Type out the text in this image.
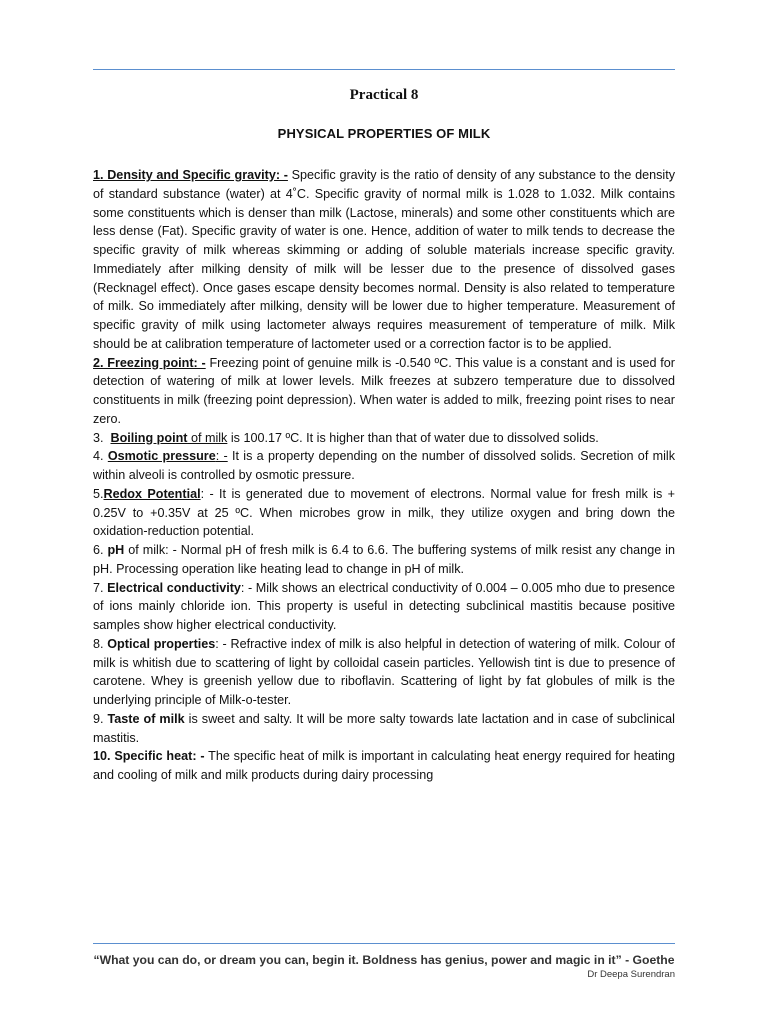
Practical 8
PHYSICAL PROPERTIES OF MILK

1. Density and Specific gravity: - Specific gravity is the ratio of density of any substance to the density of standard substance (water) at 4˚C. Specific gravity of normal milk is 1.028 to 1.032. Milk contains some constituents which is denser than milk (Lactose, minerals) and some other constituents which are less dense (Fat). Specific gravity of water is one. Hence, addition of water to milk tends to decrease the specific gravity of milk whereas skimming or adding of soluble materials increase specific gravity. Immediately after milking density of milk will be lesser due to the presence of dissolved gases (Recknagel effect). Once gases escape density becomes normal. Density is also related to temperature of milk. So immediately after milking, density will be lower due to higher temperature. Measurement of specific gravity of milk using lactometer always requires measurement of temperature of milk. Milk should be at calibration temperature of lactometer used or a correction factor is to be applied.

2. Freezing point: - Freezing point of genuine milk is -0.540 ºC. This value is a constant and is used for detection of watering of milk at lower levels. Milk freezes at subzero temperature due to dissolved constituents in milk (freezing point depression). When water is added to milk, freezing point rises to near zero.

3.  Boiling point of milk is 100.17 ºC. It is higher than that of water due to dissolved solids.

4. Osmotic pressure: - It is a property depending on the number of dissolved solids. Secretion of milk within alveoli is controlled by osmotic pressure.

5.Redox Potential: - It is generated due to movement of electrons. Normal value for fresh milk is + 0.25V to +0.35V at 25 ºC. When microbes grow in milk, they utilize oxygen and bring down the oxidation-reduction potential.

6. pH of milk: - Normal pH of fresh milk is 6.4 to 6.6. The buffering systems of milk resist any change in pH. Processing operation like heating lead to change in pH of milk.

7. Electrical conductivity: - Milk shows an electrical conductivity of 0.004 – 0.005 mho due to presence of ions mainly chloride ion. This property is useful in detecting subclinical mastitis because positive samples show higher electrical conductivity.

8. Optical properties: - Refractive index of milk is also helpful in detection of watering of milk. Colour of milk is whitish due to scattering of light by colloidal casein particles. Yellowish tint is due to presence of carotene. Whey is greenish yellow due to riboflavin. Scattering of light by fat globules of milk is the underlying principle of Milk-o-tester.

9. Taste of milk is sweet and salty. It will be more salty towards late lactation and in case of subclinical mastitis.

10. Specific heat: - The specific heat of milk is important in calculating heat energy required for heating and cooling of milk and milk products during dairy processing

“What you can do, or dream you can, begin it. Boldness has genius, power and magic in it” - Goethe
Dr Deepa Surendran
